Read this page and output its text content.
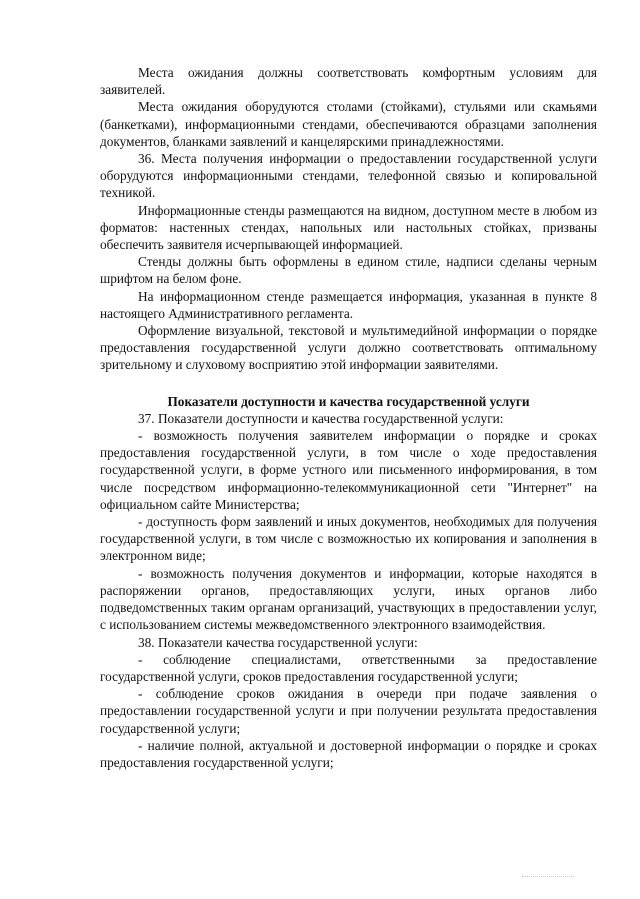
Места ожидания должны соответствовать комфортным условиям для заявителей.

Места ожидания оборудуются столами (стойками), стульями или скамьями (банкетками), информационными стендами, обеспечиваются образцами заполнения документов, бланками заявлений и канцелярскими принадлежностями.

36. Места получения информации о предоставлении государственной услуги оборудуются информационными стендами, телефонной связью и копировальной техникой.

Информационные стенды размещаются на видном, доступном месте в любом из форматов: настенных стендах, напольных или настольных стойках, призваны обеспечить заявителя исчерпывающей информацией.

Стенды должны быть оформлены в едином стиле, надписи сделаны черным шрифтом на белом фоне.

На информационном стенде размещается информация, указанная в пункте 8 настоящего Административного регламента.

Оформление визуальной, текстовой и мультимедийной информации о порядке предоставления государственной услуги должно соответствовать оптимальному зрительному и слуховому восприятию этой информации заявителями.

Показатели доступности и качества государственной услуги

37. Показатели доступности и качества государственной услуги:

- возможность получения заявителем информации о порядке и сроках предоставления государственной услуги, в том числе о ходе предоставления государственной услуги, в форме устного или письменного информирования, в том числе посредством информационно-телекоммуникационной сети "Интернет" на официальном сайте Министерства;

- доступность форм заявлений и иных документов, необходимых для получения государственной услуги, в том числе с возможностью их копирования и заполнения в электронном виде;

- возможность получения документов и информации, которые находятся в распоряжении органов, предоставляющих услуги, иных органов либо подведомственных таким органам организаций, участвующих в предоставлении услуг, с использованием системы межведомственного электронного взаимодействия.

38. Показатели качества государственной услуги:

- соблюдение специалистами, ответственными за предоставление государственной услуги, сроков предоставления государственной услуги;

- соблюдение сроков ожидания в очереди при подаче заявления о предоставлении государственной услуги и при получении результата предоставления государственной услуги;

- наличие полной, актуальной и достоверной информации о порядке и сроках предоставления государственной услуги;
